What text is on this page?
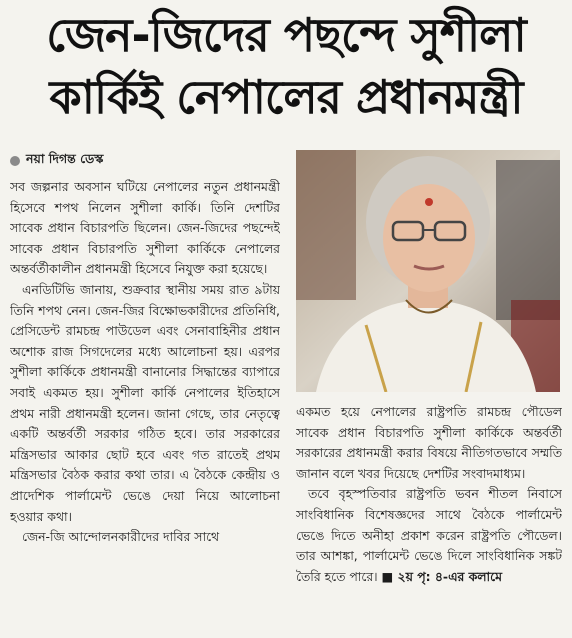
জেন-জিদের পছন্দে সুশীলা
কার্কিই নেপালের প্রধানমন্ত্রী
নয়া দিগন্ত ডেস্ক

সব জল্পনার অবসান ঘটিয়ে নেপালের নতুন প্রধানমন্ত্রী হিসেবে শপথ নিলেন সুশীলা কার্কি। তিনি দেশটির সাবেক প্রধান বিচারপতি ছিলেন। জেন-জিদের পছন্দেই সাবেক প্রধান বিচারপতি সুশীলা কার্কিকে নেপালের অন্তর্বর্তীকালীন প্রধানমন্ত্রী হিসেবে নিযুক্ত করা হয়েছে।

এনডিটিভি জানায়, শুক্রবার স্থানীয় সময় রাত ৯টায় তিনি শপথ নেন। জেন-জির বিক্ষোভকারীদের প্রতিনিধি, প্রেসিডেন্ট রামচন্দ্র পাউডেল এবং সেনাবাহিনীর প্রধান অশোক রাজ সিগদেলের মধ্যে আলোচনা হয়। এরপর সুশীলা কার্কিকে প্রধানমন্ত্রী বানানোর সিদ্ধান্তের ব্যাপারে সবাই একমত হয়। সুশীলা কার্কি নেপালের ইতিহাসে প্রথম নারী প্রধানমন্ত্রী হলেন। জানা গেছে, তার নেতৃত্বে একটি অন্তর্বর্তী সরকার গঠিত হবে। তার সরকারের মন্ত্রিসভার আকার ছোট হবে এবং গত রাতেই প্রথম মন্ত্রিসভার বৈঠক করার কথা তার। এ বৈঠকে কেন্দ্রীয় ও প্রাদেশিক পার্লামেন্ট ভেঙে দেয়া নিয়ে আলোচনা হওয়ার কথা।

জেন-জি আন্দোলনকারীদের দাবির সাথে

একমত হয়ে নেপালের রাষ্ট্রপতি রামচন্দ্র পৌডেল সাবেক প্রধান বিচারপতি সুশীলা কার্কিকে অন্তর্বর্তী সরকারের প্রধানমন্ত্রী করার বিষয়ে নীতিগতভাবে সম্মতি জানান বলে খবর দিয়েছে দেশটির সংবাদমাধ্যম।

তবে বৃহস্পতিবার রাষ্ট্রপতি ভবন শীতল নিবাসে সাংবিধানিক বিশেষজ্ঞদের সাথে বৈঠকে পার্লামেন্ট ভেঙে দিতে অনীহা প্রকাশ করেন রাষ্ট্রপতি পৌডেল। তার আশঙ্কা, পার্লামেন্ট ভেঙে দিলে সাংবিধানিক সঙ্কট তৈরি হতে পারে। ■ ২য় পৃ: ৪-এর কলামে
